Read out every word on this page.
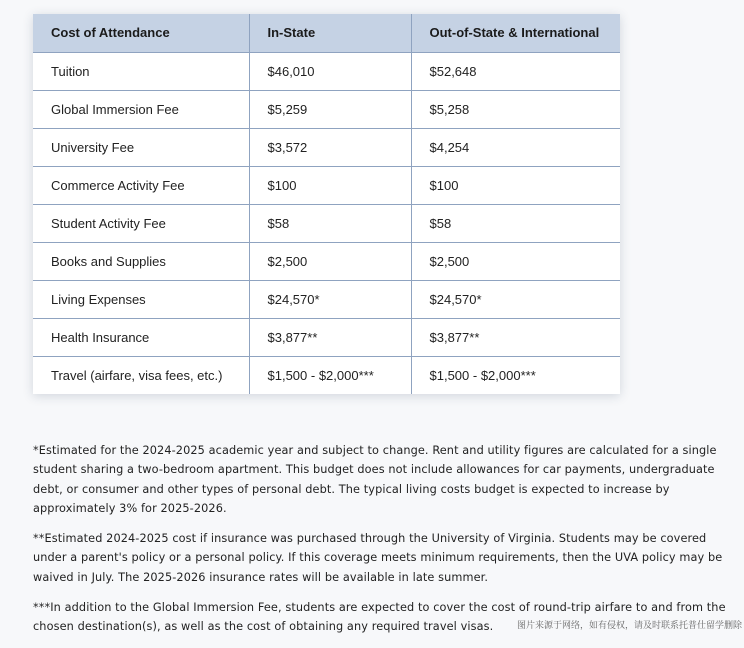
Cost of Attendance	In-State	Out-of-State & International
Tuition	$46,010	$52,648
Global Immersion Fee	$5,259	$5,258
University Fee	$3,572	$4,254
Commerce Activity Fee	$100	$100
Student Activity Fee	$58	$58
Books and Supplies	$2,500	$2,500
Living Expenses	$24,570*	$24,570*
Health Insurance	$3,877**	$3,877**
Travel (airfare, visa fees, etc.)	$1,500 - $2,000***	$1,500 - $2,000***

*Estimated for the 2024-2025 academic year and subject to change. Rent and utility figures are calculated for a single student sharing a two-bedroom apartment. This budget does not include allowances for car payments, undergraduate debt, or consumer and other types of personal debt. The typical living costs budget is expected to increase by approximately 3% for 2025-2026.

**Estimated 2024-2025 cost if insurance was purchased through the University of Virginia. Students may be covered under a parent's policy or a personal policy. If this coverage meets minimum requirements, then the UVA policy may be waived in July. The 2025-2026 insurance rates will be available in late summer.

***In addition to the Global Immersion Fee, students are expected to cover the cost of round-trip airfare to and from the chosen destination(s), as well as the cost of obtaining any required travel visas.	图片来源于网络，如有侵权，请及时联系托普仕留学删除
